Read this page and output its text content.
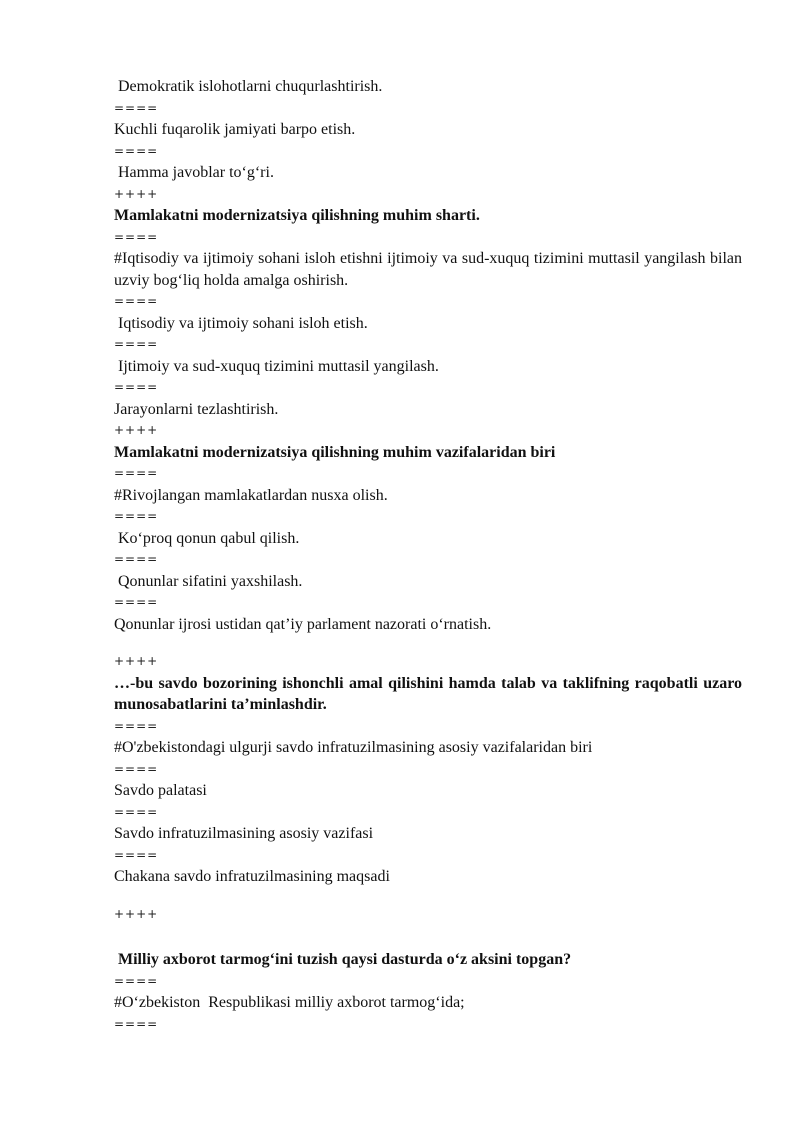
Demokratik islohotlarni chuqurlashtirish.

====

Kuchli fuqarolik jamiyati barpo etish.

====

Hamma javoblar to‘g‘ri.

++++

Mamlakatni modernizatsiya qilishning muhim sharti.

====

#Iqtisodiy va ijtimoiy sohani isloh etishni ijtimoiy va sud-xuquq tizimini muttasil yangilash bilan uzviy bog‘liq holda amalga oshirish.

====

Iqtisodiy va ijtimoiy sohani isloh etish.

====

Ijtimoiy va sud-xuquq tizimini muttasil yangilash.

====

Jarayonlarni tezlashtirish.

++++

Mamlakatni modernizatsiya qilishning muhim vazifalaridan biri

====

#Rivojlangan mamlakatlardan nusxa olish.

====

Ko‘proq qonun qabul qilish.

====

Qonunlar sifatini yaxshilash.

====

Qonunlar ijrosi ustidan qat’iy parlament nazorati o‘rnatish.

++++

…-bu savdo bozorining ishonchli amal qilishini hamda talab va taklifning raqobatli uzaro munosabatlarini ta’minlashdir.

====

#O'zbekistondagi ulgurji savdo infratuzilmasining asosiy vazifalaridan biri

====

Savdo palatasi

====

Savdo infratuzilmasining asosiy vazifasi

====

Chakana savdo infratuzilmasining maqsadi

++++

Milliy axborot tarmog‘ini tuzish qaysi dasturda o‘z aksini topgan?

====

#O‘zbekiston  Respublikasi milliy axborot tarmog‘ida;

====
